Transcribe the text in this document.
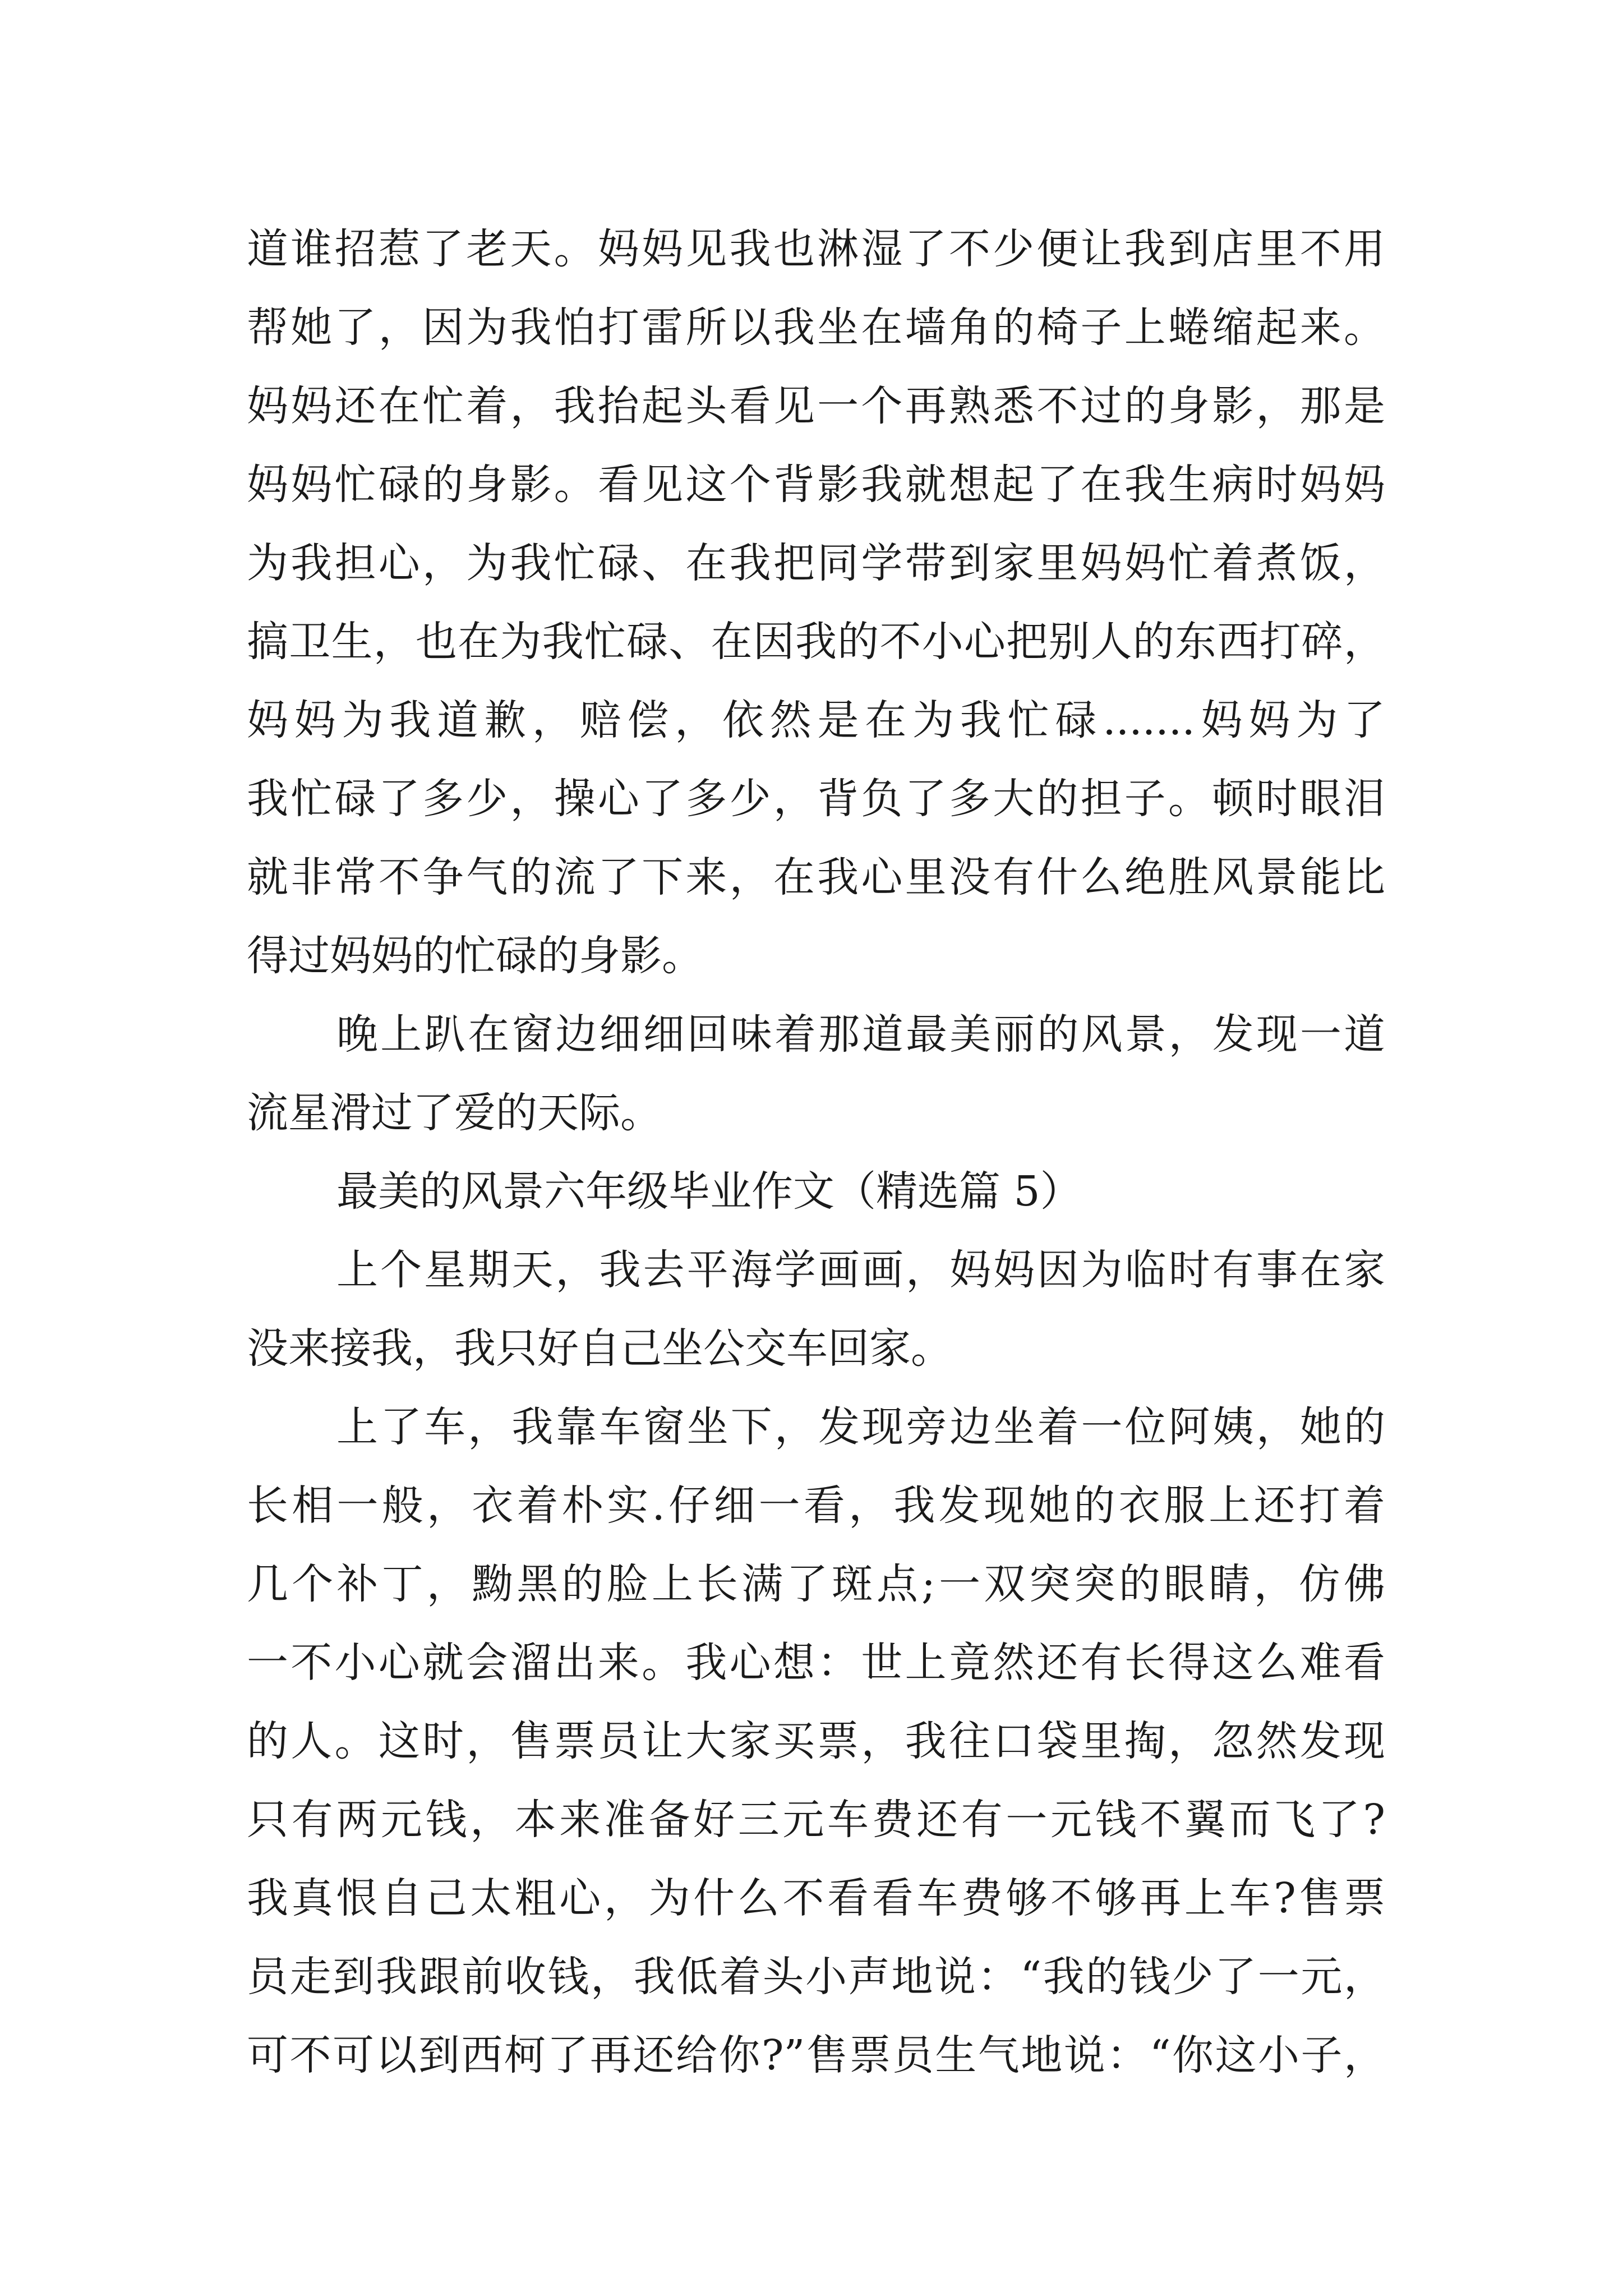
道谁招惹了老天。妈妈见我也淋湿了不少便让我到店里不用
帮她了，因为我怕打雷所以我坐在墙角的椅子上蜷缩起来。
妈妈还在忙着，我抬起头看见一个再熟悉不过的身影，那是
妈妈忙碌的身影。看见这个背影我就想起了在我生病时妈妈
为我担心，为我忙碌、在我把同学带到家里妈妈忙着煮饭，
搞卫生，也在为我忙碌、在因我的不小心把别人的东西打碎，
妈妈为我道歉，赔偿，依然是在为我忙碌.......妈妈为了
我忙碌了多少，操心了多少，背负了多大的担子。顿时眼泪
就非常不争气的流了下来，在我心里没有什么绝胜风景能比
得过妈妈的忙碌的身影。
晚上趴在窗边细细回味着那道最美丽的风景，发现一道
流星滑过了爱的天际。
最美的风景六年级毕业作文（精选篇 5）
上个星期天，我去平海学画画，妈妈因为临时有事在家
没来接我，我只好自己坐公交车回家。
上了车，我靠车窗坐下，发现旁边坐着一位阿姨，她的
长相一般，衣着朴实.仔细一看，我发现她的衣服上还打着
几个补丁，黝黑的脸上长满了斑点;一双突突的眼睛，仿佛
一不小心就会溜出来。我心想：世上竟然还有长得这么难看
的人。这时，售票员让大家买票，我往口袋里掏，忽然发现
只有两元钱，本来准备好三元车费还有一元钱不翼而飞了?
我真恨自己太粗心，为什么不看看车费够不够再上车?售票
员走到我跟前收钱，我低着头小声地说：“我的钱少了一元，
可不可以到西柯了再还给你?”售票员生气地说：“你这小子，
